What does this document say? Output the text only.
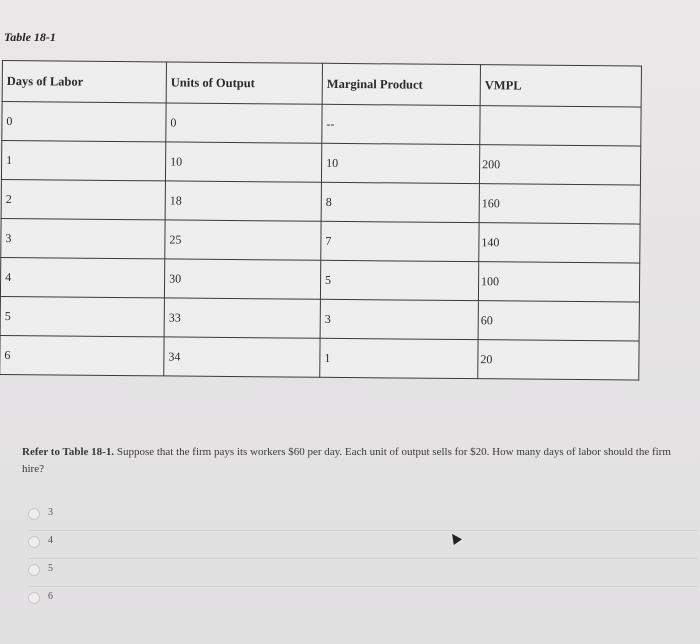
Table 18-1
Days of Labor	Units of Output	Marginal Product	VMPL

0	0	--	

1	10	10	200

2	18	8	160

3	25	7	140

4	30	5	100

5	33	3	60

6	34	1	20
Refer to Table 18-1. Suppose that the firm pays its workers $60 per day. Each unit of output sells for $20. How many days of labor should the firm hire?
3
4
5
6
